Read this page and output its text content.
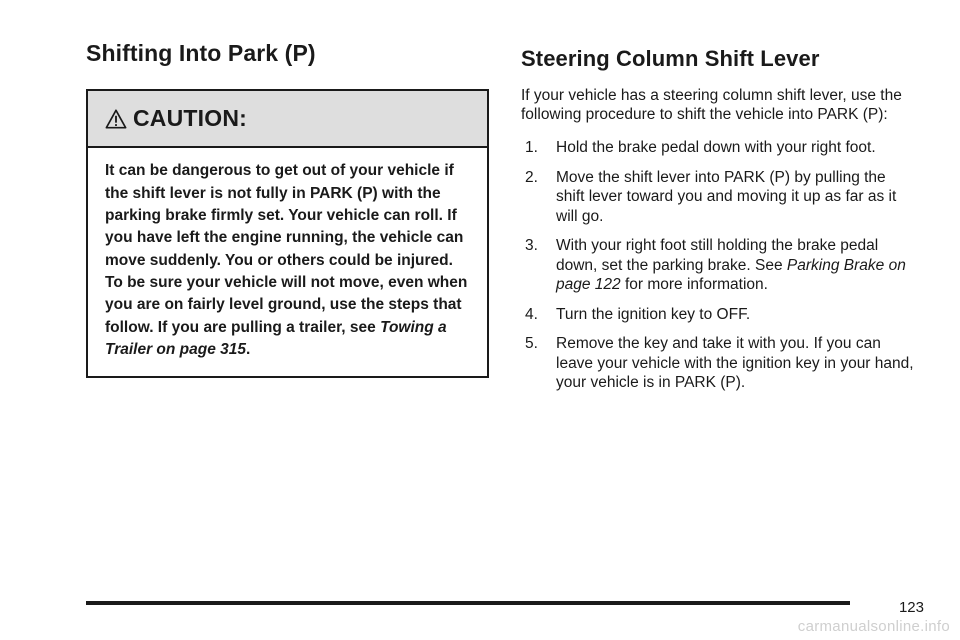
Shifting Into Park (P)
CAUTION:
It can be dangerous to get out of your vehicle if the shift lever is not fully in PARK (P) with the parking brake firmly set. Your vehicle can roll. If you have left the engine running, the vehicle can move suddenly. You or others could be injured. To be sure your vehicle will not move, even when you are on fairly level ground, use the steps that follow. If you are pulling a trailer, see Towing a Trailer on page 315.
Steering Column Shift Lever

If your vehicle has a steering column shift lever, use the following procedure to shift the vehicle into PARK (P):

1. Hold the brake pedal down with your right foot.
2. Move the shift lever into PARK (P) by pulling the shift lever toward you and moving it up as far as it will go.
3. With your right foot still holding the brake pedal down, set the parking brake. See Parking Brake on page 122 for more information.
4. Turn the ignition key to OFF.
5. Remove the key and take it with you. If you can leave your vehicle with the ignition key in your hand, your vehicle is in PARK (P).
123
carmanualsonline.info
